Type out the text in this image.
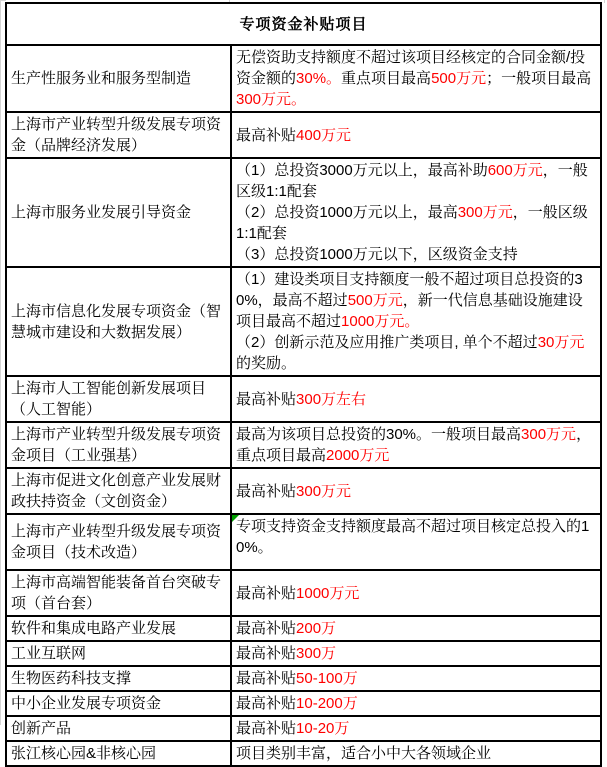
专项资金补贴项目	
生产性服务业和服务型制造	无偿资助支持额度不超过该项目经核定的合同金额/投资金额的30%。重点项目最高500万元；一般项目最高300万元。

上海市产业转型升级发展专项资金（品牌经济发展）	最高补贴400万元

上海市服务业发展引导资金	（1）总投资3000万元以上，最高补助600万元，一般区级1:1配套

（2）总投资1000万元以上，最高300万元，一般区级1:1配套

（3）总投资1000万元以下，区级资金支持

上海市信息化发展专项资金（智慧城市建设和大数据发展）	（1）建设类项目支持额度一般不超过项目总投资的30%，最高不超过500万元，新一代信息基础设施建设项目最高不超过1000万元。

（2）创新示范及应用推广类项目, 单个不超过30万元的奖励。

上海市人工智能创新发展项目（人工智能）	最高补贴300万左右

上海市产业转型升级发展专项资金项目（工业强基）	最高为该项目总投资的30%。一般项目最高300万元，重点项目最高2000万元

上海市促进文化创意产业发展财政扶持资金（文创资金）	最高补贴300万元

上海市产业转型升级发展专项资金项目（技术改造）	专项支持资金支持额度最高不超过项目核定总投入的10%。

上海市高端智能装备首台突破专项（首台套）	最高补贴1000万元

软件和集成电路产业发展	最高补贴200万

工业互联网	最高补贴300万

生物医药科技支撑	最高补贴50-100万

中小企业发展专项资金	最高补贴10-200万

创新产品	最高补贴10-20万

张江核心园&非核心园	项目类别丰富，适合小中大各领域企业
